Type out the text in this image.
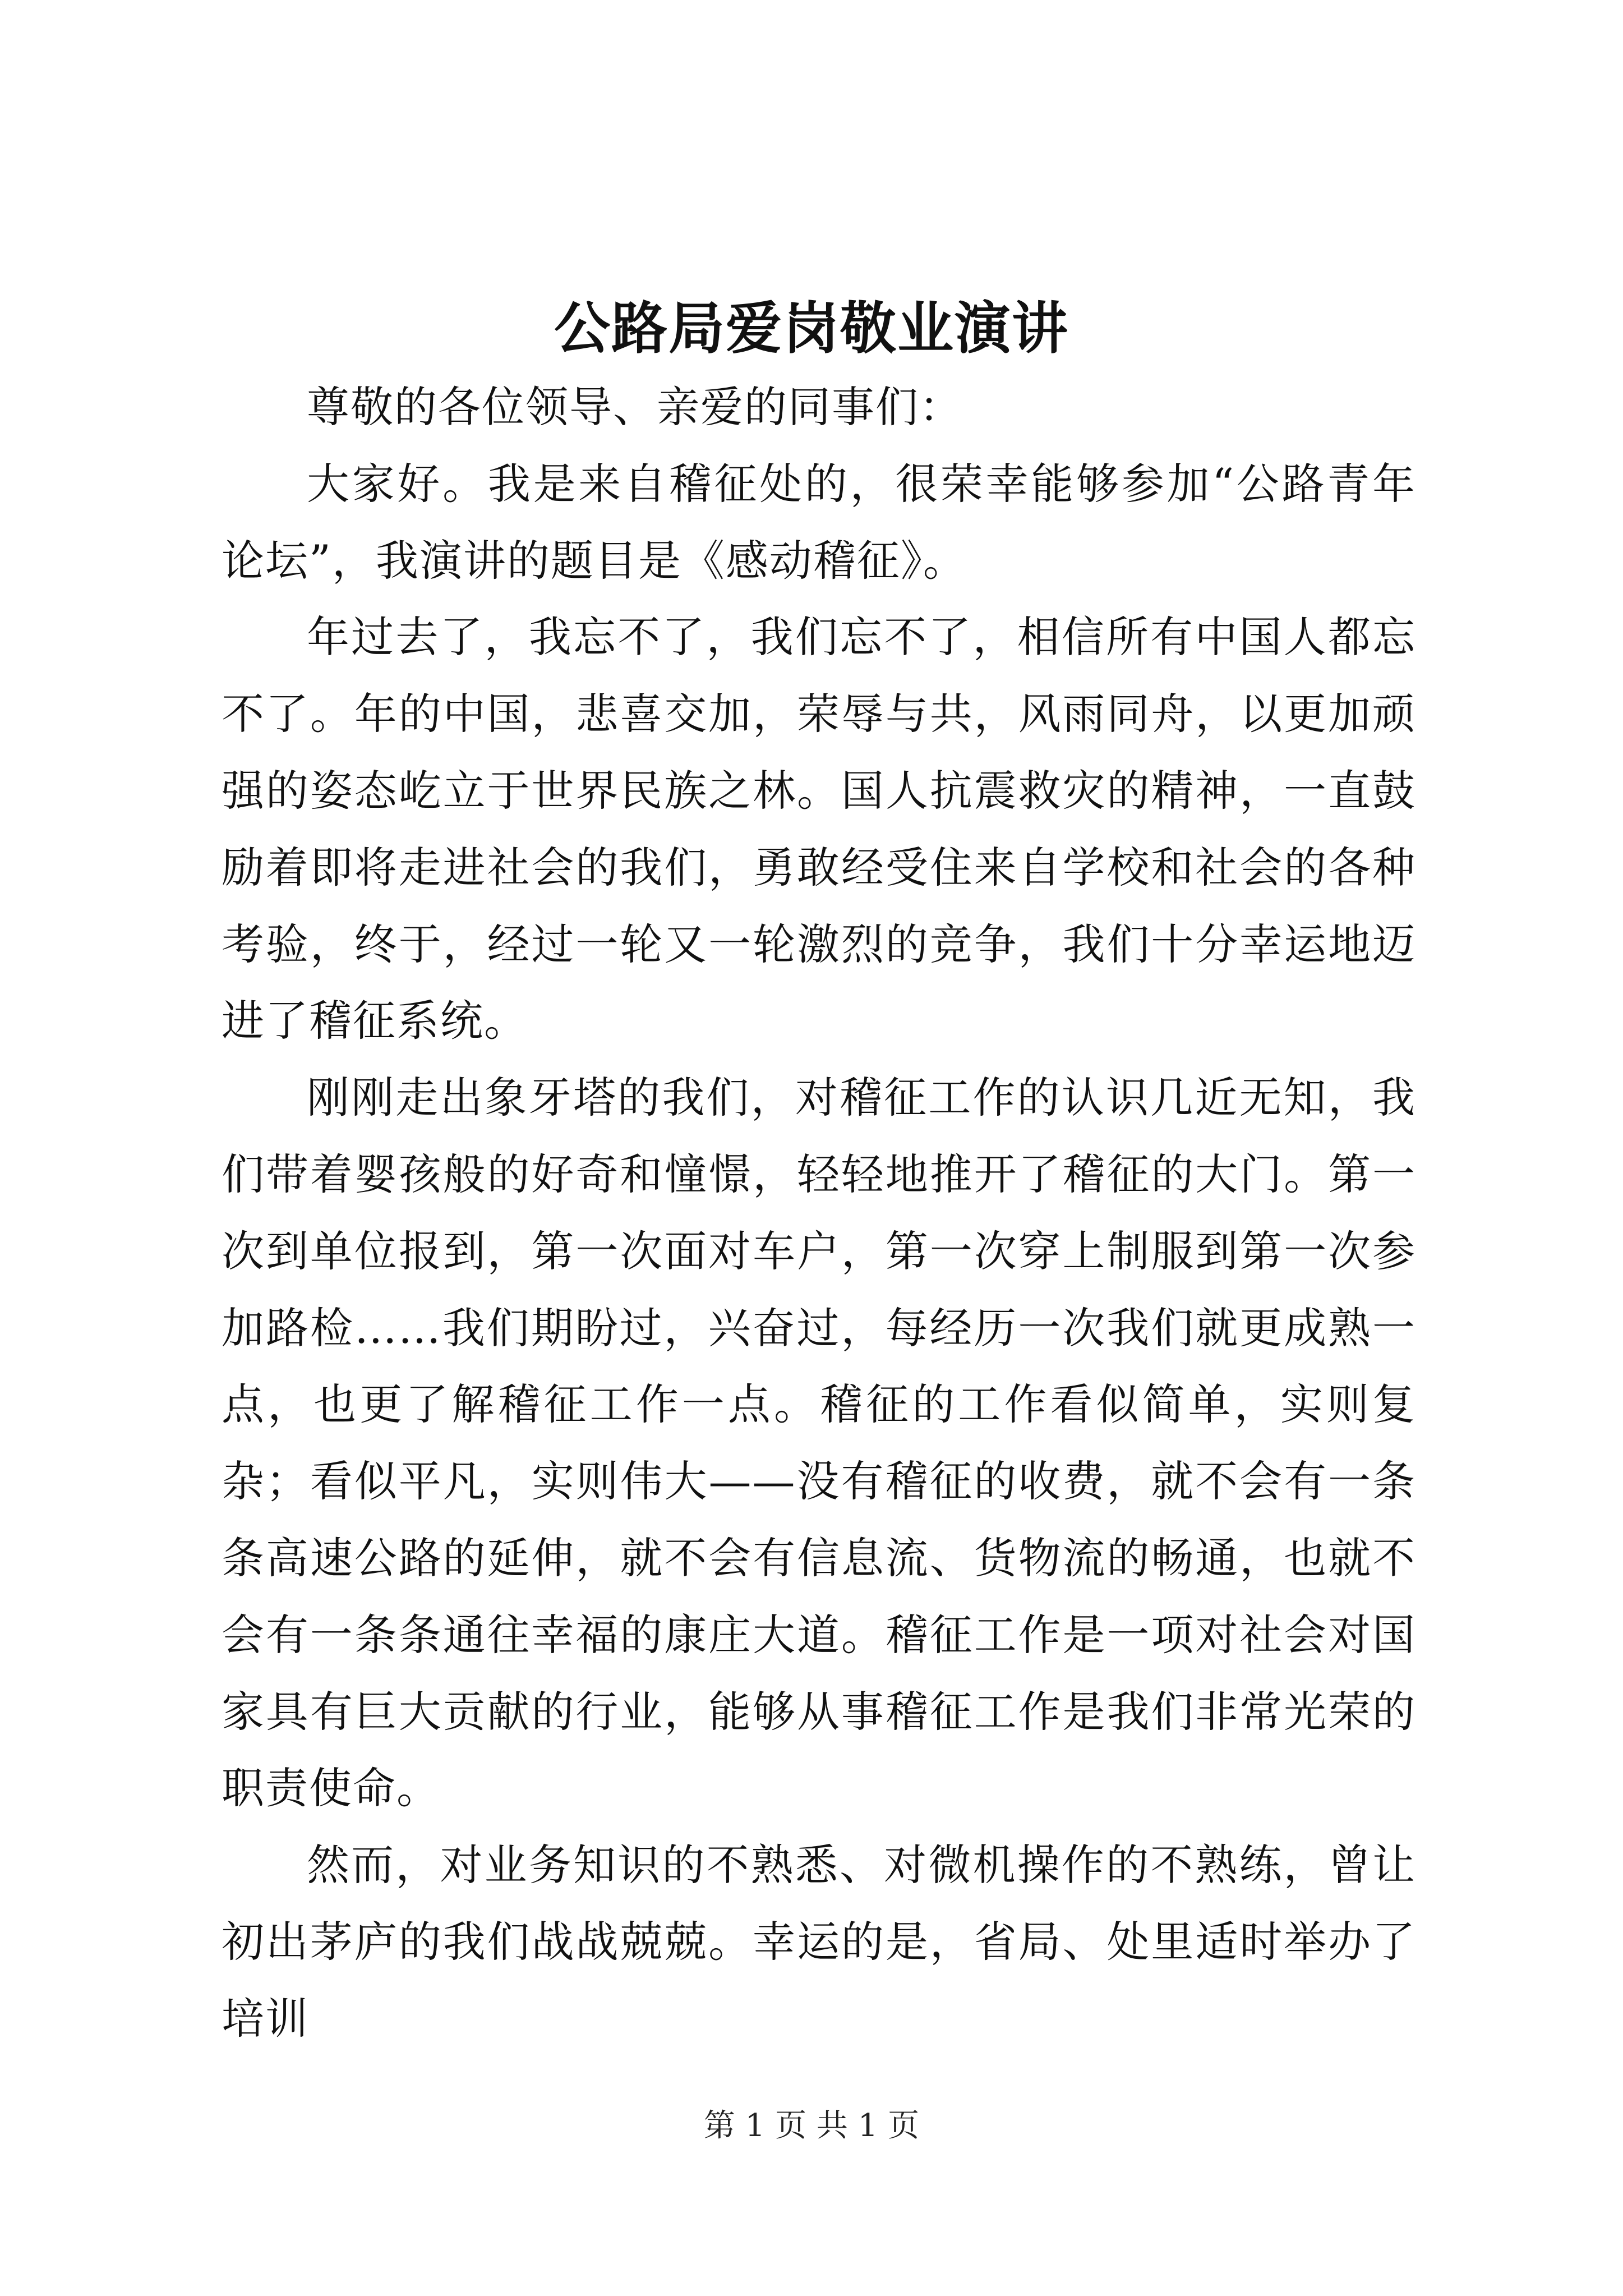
公路局爱岗敬业演讲

尊敬的各位领导、亲爱的同事们：

大家好。我是来自稽征处的，很荣幸能够参加“公路青年论坛”，我演讲的题目是《感动稽征》。

年过去了，我忘不了，我们忘不了，相信所有中国人都忘不了。年的中国，悲喜交加，荣辱与共，风雨同舟，以更加顽强的姿态屹立于世界民族之林。国人抗震救灾的精神，一直鼓励着即将走进社会的我们，勇敢经受住来自学校和社会的各种考验，终于，经过一轮又一轮激烈的竞争，我们十分幸运地迈进了稽征系统。

刚刚走出象牙塔的我们，对稽征工作的认识几近无知，我们带着婴孩般的好奇和憧憬，轻轻地推开了稽征的大门。第一次到单位报到，第一次面对车户，第一次穿上制服到第一次参加路检……我们期盼过，兴奋过，每经历一次我们就更成熟一点，也更了解稽征工作一点。稽征的工作看似简单，实则复杂；看似平凡，实则伟大——没有稽征的收费，就不会有一条条高速公路的延伸，就不会有信息流、货物流的畅通，也就不会有一条条通往幸福的康庄大道。稽征工作是一项对社会对国家具有巨大贡献的行业，能够从事稽征工作是我们非常光荣的职责使命。

然而，对业务知识的不熟悉、对微机操作的不熟练，曾让初出茅庐的我们战战兢兢。幸运的是，省局、处里适时举办了培训

第 1 页 共 1 页
